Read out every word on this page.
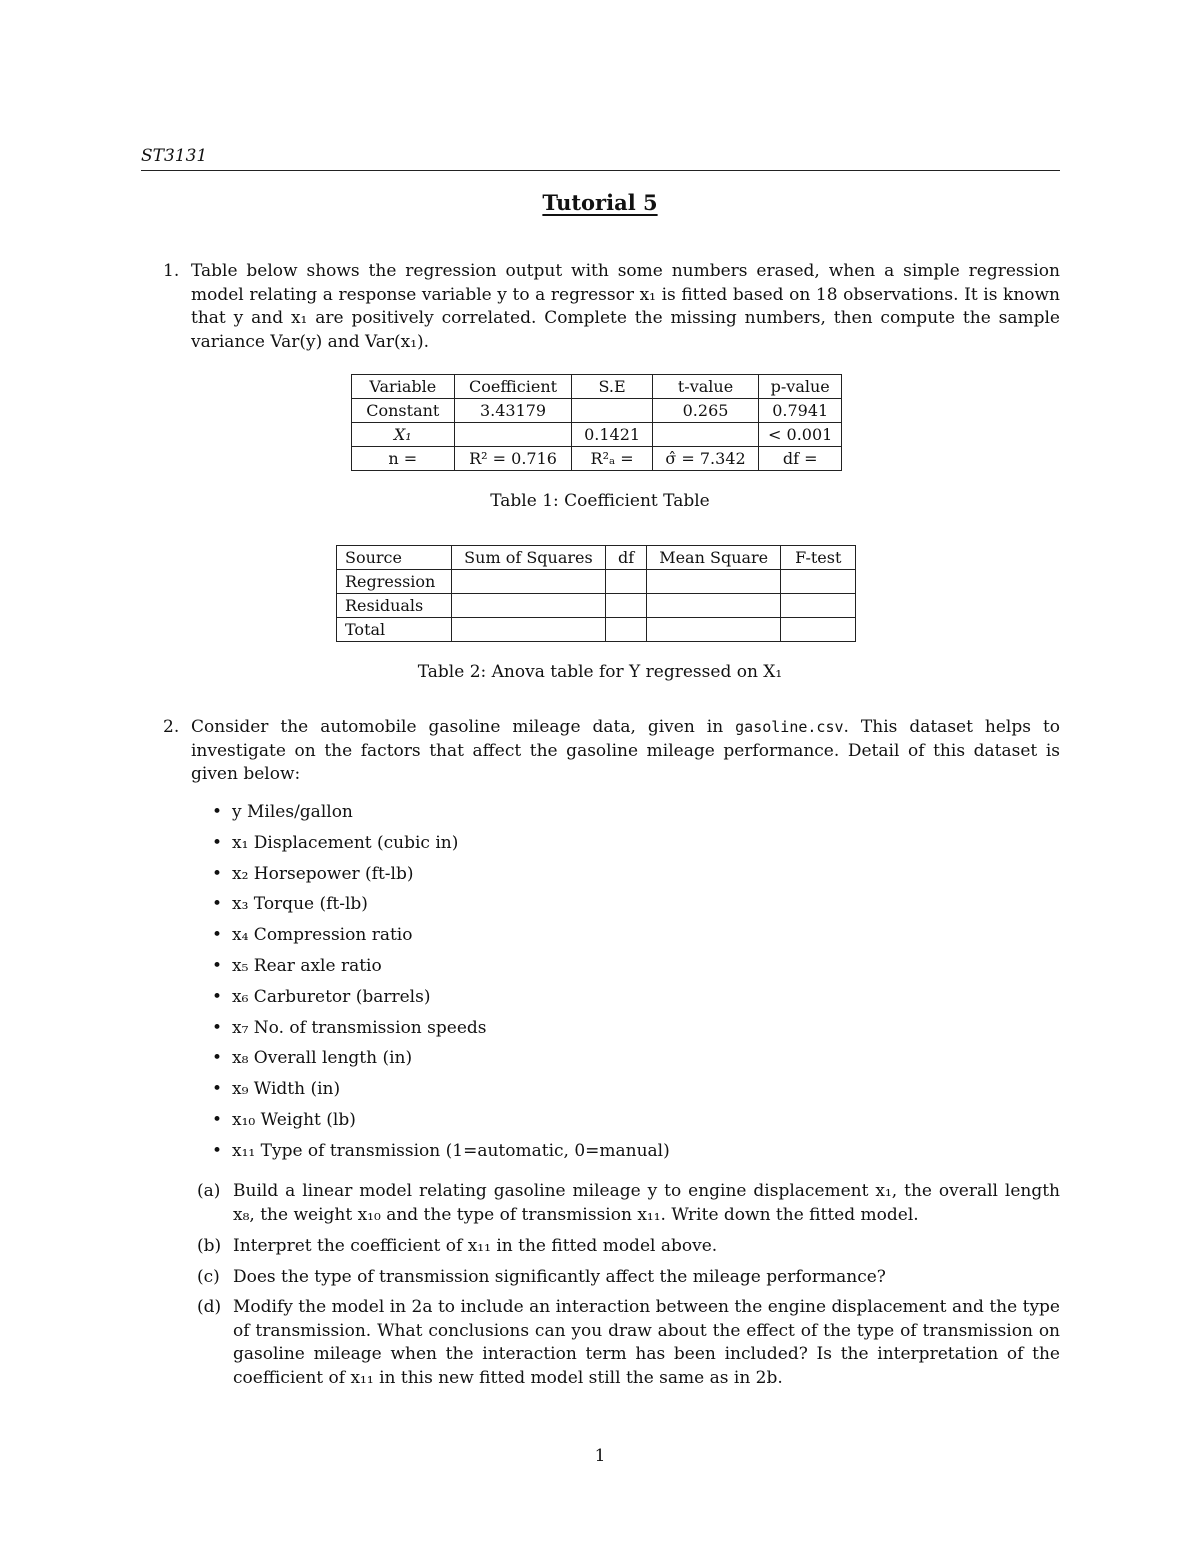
ST3131
Tutorial 5
1. Table below shows the regression output with some numbers erased, when a simple regression model relating a response variable y to a regressor x₁ is fitted based on 18 observations. It is known that y and x₁ are positively correlated. Complete the missing numbers, then compute the sample variance Var(y) and Var(x₁).
Variable	Coefficient	S.E	t-value	p-value
Constant	3.43179		0.265	0.7941
X₁		0.1421		< 0.001
n =	R² = 0.716	R²ₐ =	σ̂ = 7.342	df =
Table 1: Coefficient Table
Source	Sum of Squares	df	Mean Square	F-test
Regression				
Residuals				
Total				
Table 2: Anova table for Y regressed on X₁
2. Consider the automobile gasoline mileage data, given in gasoline.csv. This dataset helps to investigate on the factors that affect the gasoline mileage performance. Detail of this dataset is given below:
• y Miles/gallon
• x₁ Displacement (cubic in)
• x₂ Horsepower (ft-lb)
• x₃ Torque (ft-lb)
• x₄ Compression ratio
• x₅ Rear axle ratio
• x₆ Carburetor (barrels)
• x₇ No. of transmission speeds
• x₈ Overall length (in)
• x₉ Width (in)
• x₁₀ Weight (lb)
• x₁₁ Type of transmission (1=automatic, 0=manual)
(a) Build a linear model relating gasoline mileage y to engine displacement x₁, the overall length x₈, the weight x₁₀ and the type of transmission x₁₁. Write down the fitted model.
(b) Interpret the coefficient of x₁₁ in the fitted model above.
(c) Does the type of transmission significantly affect the mileage performance?
(d) Modify the model in 2a to include an interaction between the engine displacement and the type of transmission. What conclusions can you draw about the effect of the type of transmission on gasoline mileage when the interaction term has been included? Is the interpretation of the coefficient of x₁₁ in this new fitted model still the same as in 2b.
1
